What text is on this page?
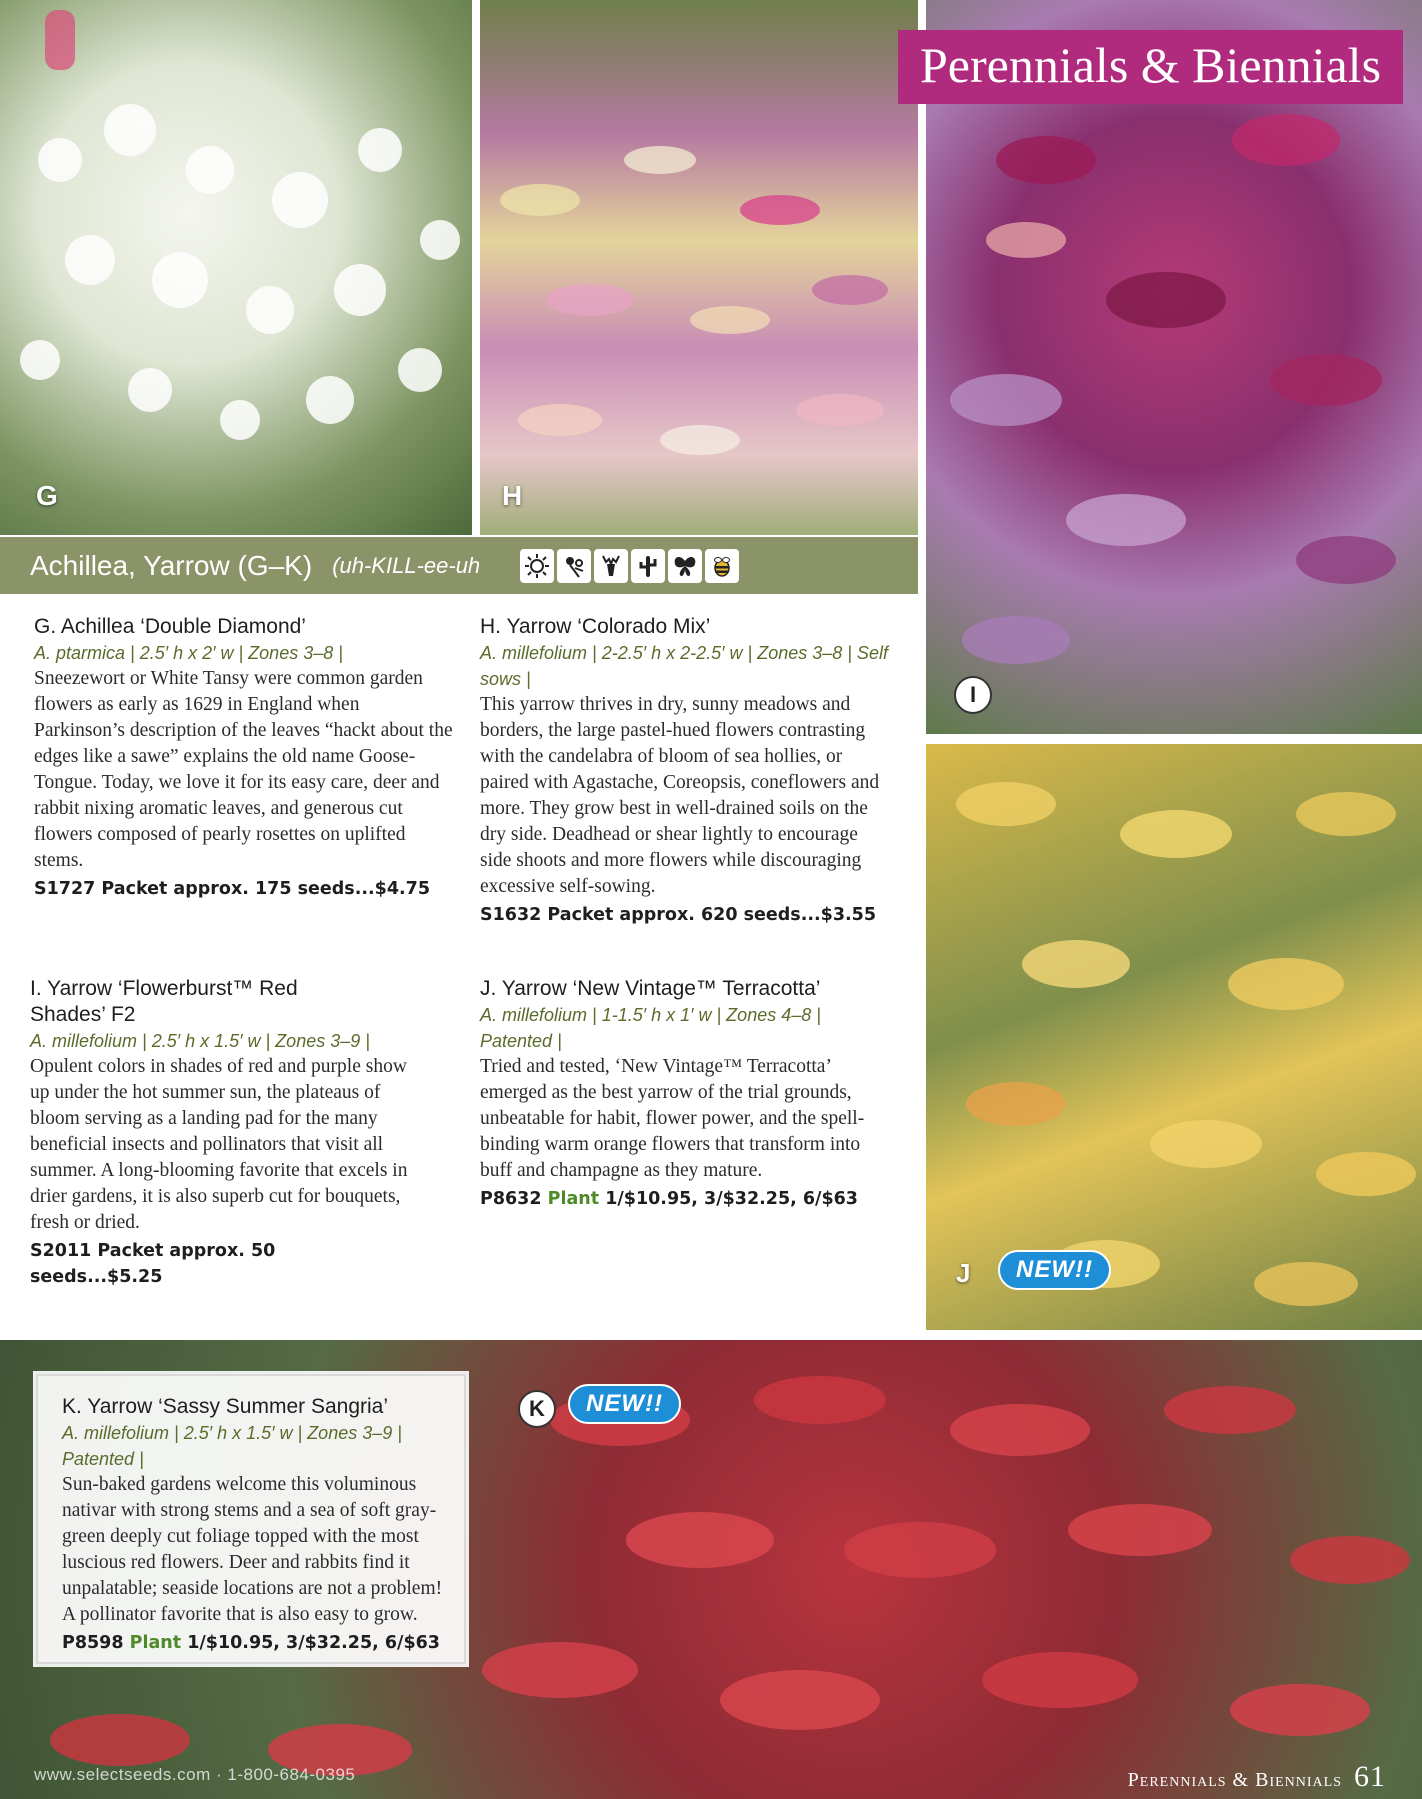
G	H
I
Perennials & Biennials
J	NEW!!
K	NEW!!
Achillea, Yarrow (G–K) (uh-KILL-ee-uh

G. Achillea ‘Double Diamond’

A. ptarmica | 2.5′ h x 2′ w | Zones 3–8 |
Sneezewort or White Tansy were common garden flowers as early as 1629 in England when Parkinson’s description of the leaves “hackt about the edges like a sawe” explains the old name Goose-Tongue. Today, we love it for its easy care, deer and rabbit nixing aromatic leaves, and generous cut flowers composed of pearly rosettes on uplifted stems.
S1727 Packet approx. 175 seeds...$4.75

H. Yarrow ‘Colorado Mix’

A. millefolium | 2-2.5′ h x 2-2.5′ w | Zones 3–8 | Self sows |
This yarrow thrives in dry, sunny meadows and borders, the large pastel-hued flowers contrasting with the candelabra of bloom of sea hollies, or paired with Agastache, Coreopsis, coneflowers and more. They grow best in well-drained soils on the dry side. Deadhead or shear lightly to encourage side shoots and more flowers while discouraging excessive self-sowing.
S1632 Packet approx. 620 seeds...$3.55

I. Yarrow ‘Flowerburst™ Red Shades’ F2

A. millefolium | 2.5′ h x 1.5′ w | Zones 3–9 |
Opulent colors in shades of red and purple show up under the hot summer sun, the plateaus of bloom serving as a landing pad for the many beneficial insects and pollinators that visit all summer. A long-blooming favorite that excels in drier gardens, it is also superb cut for bouquets, fresh or dried.
S2011 Packet approx. 50 seeds...$5.25

J. Yarrow ‘New Vintage™ Terracotta’

A. millefolium | 1-1.5′ h x 1′ w | Zones 4–8 | Patented |
Tried and tested, ‘New Vintage™ Terracotta’ emerged as the best yarrow of the trial grounds, unbeatable for habit, flower power, and the spell-binding warm orange flowers that transform into buff and champagne as they mature.
P8632 Plant 1/$10.95, 3/$32.25, 6/$63

K. Yarrow ‘Sassy Summer Sangria’

A. millefolium | 2.5′ h x 1.5′ w | Zones 3–9 | Patented |
Sun-baked gardens welcome this voluminous nativar with strong stems and a sea of soft gray-green deeply cut foliage topped with the most luscious red flowers. Deer and rabbits find it unpalatable; seaside locations are not a problem! A pollinator favorite that is also easy to grow.
P8598 Plant 1/$10.95, 3/$32.25, 6/$63
www.selectseeds.com · 1-800-684-0395	Perennials & Biennials 61
